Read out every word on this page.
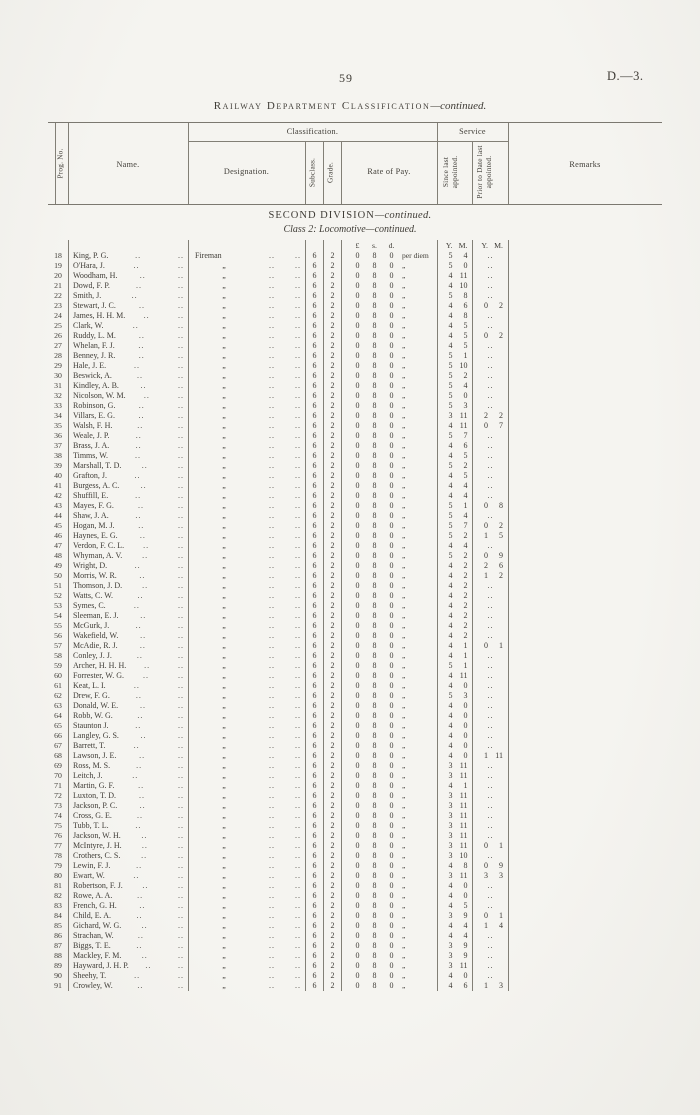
59	D.—3.
Railway Department Classification—continued.
Classification.	Service
Prog. No.	Name.
Designation.	Subclass.	Grade.	Rate of Pay.	Since last appointed.	Prior to Date last appointed.	Remarks
SECOND DIVISION—continued.
Class 2: Locomotive—continued.
£	s.	d.	Y. M.	Y. M.
18	King, P. G.	..	..	Fireman	..	..	6	2	0	8	0	per diem	5	4	..
19	O'Hara, J.	..	..	„	..	..	6	2	0	8	0	„	5	0	..
20	Woodham, H.	..	..	„	..	..	6	2	0	8	0	„	4 11	..
21	Dowd, F. P.	..	..	„	..	..	6	2	0	8	0	„	4 10	..
22	Smith, J.	..	..	„	..	..	6	2	0	8	0	„	5	8	..
23	Stewart, J. C.	..	..	„	..	..	6	2	0	8	0	„	4	6	0	2
24	James, H. H. M.	..	..	„	..	..	6	2	0	8	0	„	4	8	..
25	Clark, W.	..	..	„	..	..	6	2	0	8	0	„	4	5	..
26	Ruddy, L. M.	..	..	„	..	..	6	2	0	8	0	„	4	5	0	2
27	Whelan, F. J.	..	..	„	..	..	6	2	0	8	0	„	4	5	..
28	Benney, J. R.	..	..	„	..	..	6	2	0	8	0	„	5	1	..
29	Hale, J. E.	..	..	„	..	..	6	2	0	8	0	„	5 10	..
30	Beswick, A.	..	..	„	..	..	6	2	0	8	0	„	5	2	..
31	Kindley, A. B.	..	..	„	..	..	6	2	0	8	0	„	5	4	..
32	Nicolson, W. M.	..	..	„	..	..	6	2	0	8	0	„	5	0	..
33	Robinson, G.	..	..	„	..	..	6	2	0	8	0	„	5	3	..
34	Villars, E. G.	..	..	„	..	..	6	2	0	8	0	„	3 11	2	2
35	Walsh, F. H.	..	..	„	..	..	6	2	0	8	0	„	4 11	0	7
36	Weale, J. P.	..	..	„	..	..	6	2	0	8	0	„	5	7	..
37	Brass, J. A.	..	..	„	..	..	6	2	0	8	0	„	4	6	..
38	Timms, W.	..	..	„	..	..	6	2	0	8	0	„	4	5	..
39	Marshall, T. D.	..	..	„	..	..	6	2	0	8	0	„	5	2	..
40	Grafton, J.	..	..	„	..	..	6	2	0	8	0	„	4	5	..
41	Burgess, A. C.	..	..	„	..	..	6	2	0	8	0	„	4	4	..
42	Shuffill, E.	..	..	„	..	..	6	2	0	8	0	„	4	4	..
43	Mayes, F. G.	..	..	„	..	..	6	2	0	8	0	„	5	1	0	8
44	Shaw, J. A.	..	..	„	..	..	6	2	0	8	0	„	5	4	..
45	Hogan, M. J.	..	..	„	..	..	6	2	0	8	0	„	5	7	0	2
46	Haynes, E. G.	..	..	„	..	..	6	2	0	8	0	„	5	2	1	5
47	Verdon, F. C. L.	..	..	„	..	..	6	2	0	8	0	„	4	4	..
48	Whyman, A. V.	..	..	„	..	..	6	2	0	8	0	„	5	2	0	9
49	Wright, D.	..	..	„	..	..	6	2	0	8	0	„	4	2	2	6
50	Morris, W. R.	..	..	„	..	..	6	2	0	8	0	„	4	2	1	2
51	Thomson, J. D.	..	..	„	..	..	6	2	0	8	0	„	4	2	..
52	Watts, C. W.	..	..	„	..	..	6	2	0	8	0	„	4	2	..
53	Symes, C.	..	..	„	..	..	6	2	0	8	0	„	4	2	..
54	Sleeman, E. J.	..	..	„	..	..	6	2	0	8	0	„	4	2	..
55	McGurk, J.	..	..	„	..	..	6	2	0	8	0	„	4	2	..
56	Wakefield, W.	..	..	„	..	..	6	2	0	8	0	„	4	2	..
57	McAdie, R. J.	..	..	„	..	..	6	2	0	8	0	„	4	1	0	1
58	Conley, J. J.	..	..	„	..	..	6	2	0	8	0	„	4	1	..
59	Archer, H. H. H.	..	..	„	..	..	6	2	0	8	0	„	5	1	..
60	Forrester, W. G.	..	..	„	..	..	6	2	0	8	0	„	4 11	..
61	Keat, L. I.	..	..	„	..	..	6	2	0	8	0	„	4	0	..
62	Drew, F. G.	..	..	„	..	..	6	2	0	8	0	„	5	3	..
63	Donald, W. E.	..	..	„	..	..	6	2	0	8	0	„	4	0	..
64	Robb, W. G.	..	..	„	..	..	6	2	0	8	0	„	4	0	..
65	Staunton J.	..	..	„	..	..	6	2	0	8	0	„	4	0	..
66	Langley, G. S.	..	..	„	..	..	6	2	0	8	0	„	4	0	..
67	Barrett, T.	..	..	„	..	..	6	2	0	8	0	„	4	0	..
68	Lawson, J. E.	..	..	„	..	..	6	2	0	8	0	„	4	0	1 11
69	Ross, M. S.	..	..	„	..	..	6	2	0	8	0	„	3 11	..
70	Leitch, J.	..	..	„	..	..	6	2	0	8	0	„	3 11	..
71	Martin, G. F.	..	..	„	..	..	6	2	0	8	0	„	4	1	..
72	Luxton, T. D.	..	..	„	..	..	6	2	0	8	0	„	3 11	..
73	Jackson, P. C.	..	..	„	..	..	6	2	0	8	0	„	3 11	..
74	Cross, G. E.	..	..	„	..	..	6	2	0	8	0	„	3 11	..
75	Tubb, T. L.	..	..	„	..	..	6	2	0	8	0	„	3 11	..
76	Jackson, W. H.	..	..	„	..	..	6	2	0	8	0	„	3 11	..
77	McIntyre, J. H.	..	..	„	..	..	6	2	0	8	0	„	3 11	0	1
78	Crothers, C. S.	..	..	„	..	..	6	2	0	8	0	„	3 10	..
79	Lewin, F. J.	..	..	„	..	..	6	2	0	8	0	„	4	8	0	9
80	Ewart, W.	..	..	„	..	..	6	2	0	8	0	„	3 11	3	3
81	Robertson, F. J.	..	..	„	..	..	6	2	0	8	0	„	4	0	..
82	Rowe, A. A.	..	..	„	..	..	6	2	0	8	0	„	4	0	..
83	French, G. H.	..	..	„	..	..	6	2	0	8	0	„	4	5	..
84	Child, E. A.	..	..	„	..	..	6	2	0	8	0	„	3	9	0	1
85	Gichard, W. G.	..	..	„	..	..	6	2	0	8	0	„	4	4	1	4
86	Strachan, W.	..	..	„	..	..	6	2	0	8	0	„	4	4	..
87	Biggs, T. E.	..	..	„	..	..	6	2	0	8	0	„	3	9	..
88	Mackley, F. M.	..	..	„	..	..	6	2	0	8	0	„	3	9	..
89	Hayward, J. H. P.	..	..	„	..	..	6	2	0	8	0	„	3 11	..
90	Sheehy, T.	..	..	„	..	..	6	2	0	8	0	„	4	0	..
91	Crowley, W.	..	..	„	..	..	6	2	0	8	0	„	4	6	1	3
